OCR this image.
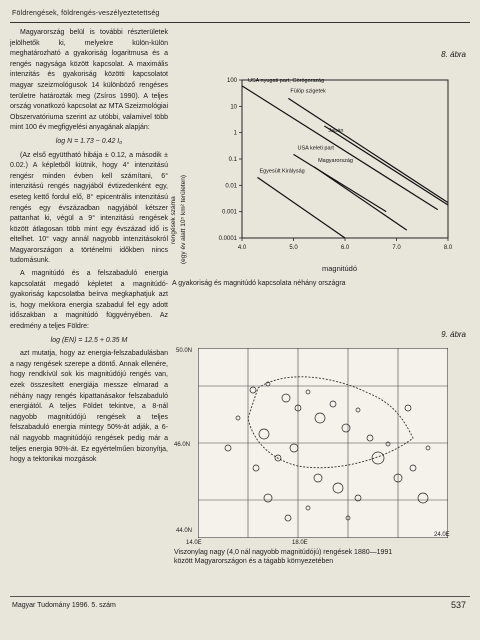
Földrengések, földrengés-veszélyeztetettség

Magyarország belül is további részterületek jelölhetők ki, melyekre külön-külön meghatározható a gyakoriság logaritmusa és a rengés nagysága között kapcsolat. A maximális intenzitás és gyakoriság közötti kapcsolatot magyar szeizmológusok 14 különböző rengéses területre határozták meg (Zsíros 1990). A teljes ország vonatkozó kapcsolat az MTA Szeizmológiai Obszervatóriuma szerint az utóbbi, valamivel több mint 100 év megfigyelési anyagának alapján:

log N = 1.73 − 0.42 I₀

(Az első együttható hibája ± 0.12, a második ± 0.02.) A képletből kiütnik, hogy 4° intenzitású rengésr minden évben kell számítani, 6° intenzitású rengés nagyjából évtizedenként egy, eseteg kettő fordul elő, 8° epicentrális intenzitású rengés egy évszázadban nagyjából kétszer pattanhat ki, végül a 9° intenzitású rengések között átlagosan több mint egy évszázad idő is eltelhet. 10° vagy annál nagyobb intenzitásokról Magyarországon a történelmi időkben nincs tudomásunk.

A magnitúdó és a felszabaduló energia kapcsolatát megadó képletet a magnitúdó-gyakoriság kapcsolatba beírva megkaphatjuk azt is, hogy mekkora energia szabadul fel egy adott időszakban a magnitúdó függvényében. Az eredmény a teljes Földre:

log (EN) = 12.5 + 0.35 M

azt mutatja, hogy az energia-felszabadulásban a nagy rengések szerepe a döntő. Annak ellenére, hogy rendkívül sok kis magnitúdójú rengés van, ezek összesített energiája messze elmarad a néhány nagy rengés kipattanásakor felszabaduló energiától. A teljes Földet tekintve, a 8-nál nagyobb magnitúdójú rengések a teljes felszabaduló energia mintegy 50%-át adják, a 6-nál nagyobb magnitúdójú rengések pedig már a teljes energia 90%-át. Ez egyértelműen bizonyítja, hogy a tektonikai mozgások

8. ábra
100
10
1
0.1
0.01
0.001
0.0001
4.0	5.0	6.0	7.0	8.0
USA nyugati part, Görögország
Fülöp szigetek
Japán
USA keleti part
Magyarország
Egyesült Királyság
rengések száma (egy év alatt 10⁵ km² területen)
magnitúdó
A gyakoriság és magnitúdó kapcsolata néhány országra
9. ábra
50.0N
46.0N
44.0N
14.0E	18.0E
24.0E
Viszonylag nagy (4,0 nál nagyobb magnitúdójú) rengések 1880—1991 között Magyarországon és a tágabb környezetében
Magyar Tudomány 1996. 5. szám	537
